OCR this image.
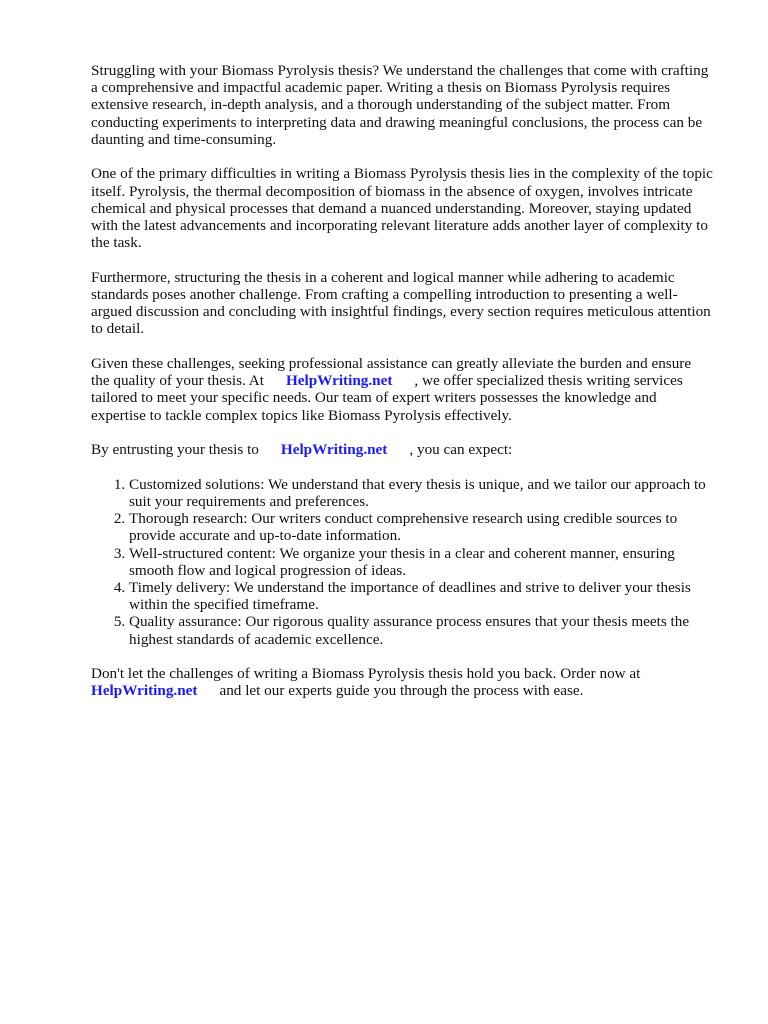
Struggling with your Biomass Pyrolysis thesis? We understand the challenges that come with crafting a comprehensive and impactful academic paper. Writing a thesis on Biomass Pyrolysis requires extensive research, in-depth analysis, and a thorough understanding of the subject matter. From conducting experiments to interpreting data and drawing meaningful conclusions, the process can be daunting and time-consuming.

One of the primary difficulties in writing a Biomass Pyrolysis thesis lies in the complexity of the topic itself. Pyrolysis, the thermal decomposition of biomass in the absence of oxygen, involves intricate chemical and physical processes that demand a nuanced understanding. Moreover, staying updated with the latest advancements and incorporating relevant literature adds another layer of complexity to the task.

Furthermore, structuring the thesis in a coherent and logical manner while adhering to academic standards poses another challenge. From crafting a compelling introduction to presenting a well-argued discussion and concluding with insightful findings, every section requires meticulous attention to detail.

Given these challenges, seeking professional assistance can greatly alleviate the burden and ensure the quality of your thesis. At HelpWriting.net , we offer specialized thesis writing services tailored to meet your specific needs. Our team of expert writers possesses the knowledge and expertise to tackle complex topics like Biomass Pyrolysis effectively.

By entrusting your thesis to HelpWriting.net , you can expect:

1. Customized solutions: We understand that every thesis is unique, and we tailor our approach to suit your requirements and preferences.
2. Thorough research: Our writers conduct comprehensive research using credible sources to provide accurate and up-to-date information.
3. Well-structured content: We organize your thesis in a clear and coherent manner, ensuring smooth flow and logical progression of ideas.
4. Timely delivery: We understand the importance of deadlines and strive to deliver your thesis within the specified timeframe.
5. Quality assurance: Our rigorous quality assurance process ensures that your thesis meets the highest standards of academic excellence.

Don't let the challenges of writing a Biomass Pyrolysis thesis hold you back. Order now at HelpWriting.net and let our experts guide you through the process with ease.
